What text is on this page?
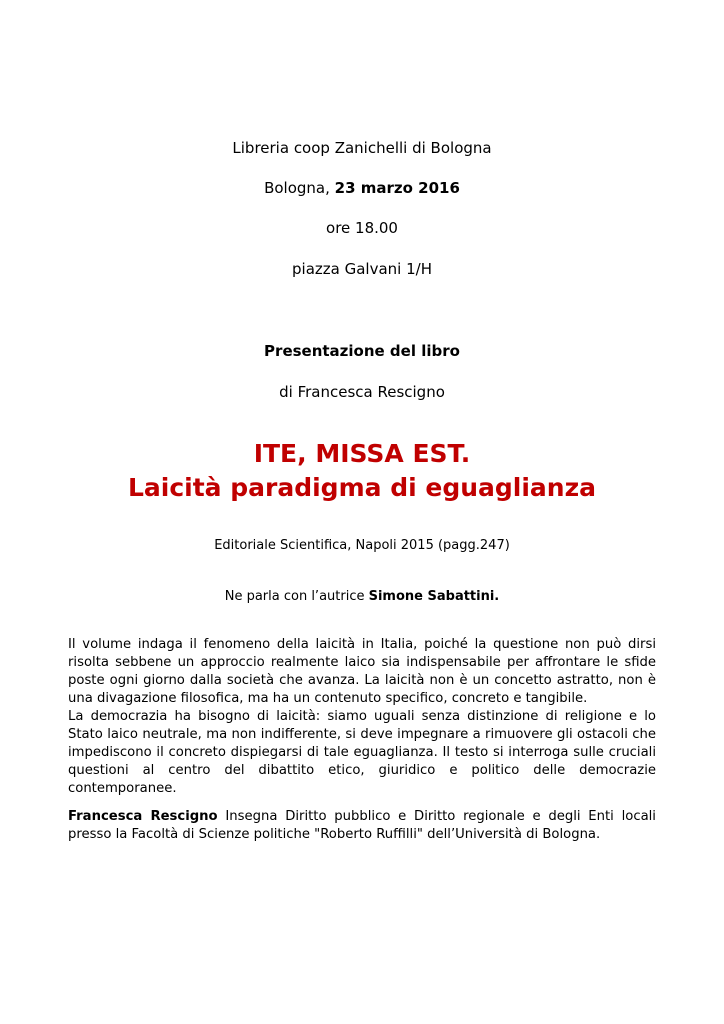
Libreria coop Zanichelli di Bologna
Bologna, 23 marzo 2016
ore 18.00
piazza Galvani 1/H
Presentazione del libro
di Francesca Rescigno
ITE, MISSA EST.
Laicità paradigma di eguaglianza
Editoriale Scientifica, Napoli 2015 (pagg.247)
Ne parla con l’autrice Simone Sabattini.

Il volume indaga il fenomeno della laicità in Italia, poiché la questione non può dirsi risolta sebbene un approccio realmente laico sia indispensabile per affrontare le sfide poste ogni giorno dalla società che avanza. La laicità non è un concetto astratto, non è una divagazione filosofica, ma ha un contenuto specifico, concreto e tangibile.

La democrazia ha bisogno di laicità: siamo uguali senza distinzione di religione e lo Stato laico neutrale, ma non indifferente, si deve impegnare a rimuovere gli ostacoli che impediscono il concreto dispiegarsi di tale eguaglianza. Il testo si interroga sulle cruciali questioni al centro del dibattito etico, giuridico e politico delle democrazie contemporanee.

Francesca Rescigno Insegna Diritto pubblico e Diritto regionale e degli Enti locali presso la Facoltà di Scienze politiche "Roberto Ruffilli" dell’Università di Bologna.
